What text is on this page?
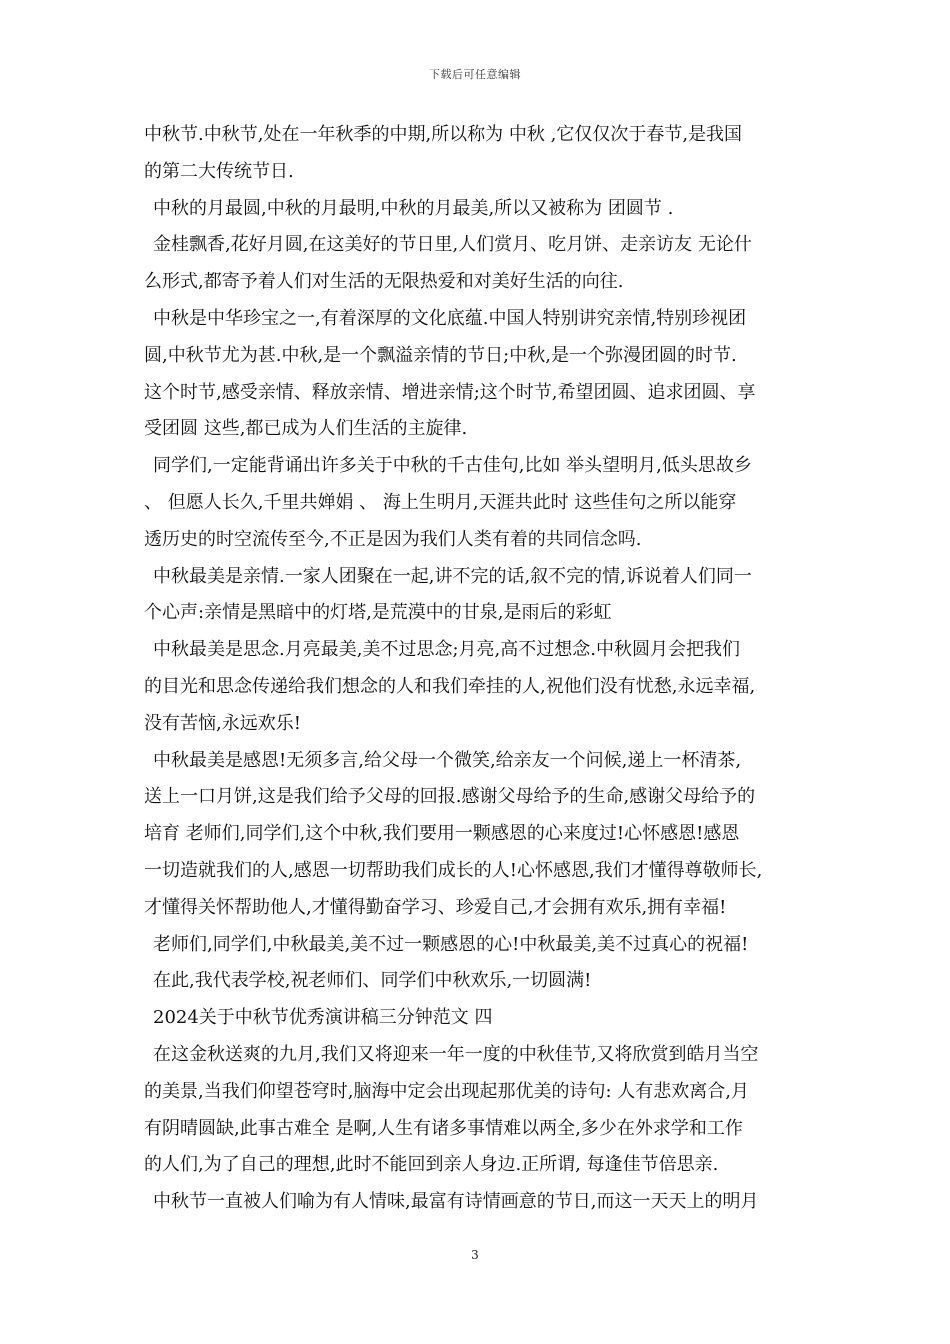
下载后可任意编辑
中秋节.中秋节,处在一年秋季的中期,所以称为 中秋 ,它仅仅次于春节,是我国
的第二大传统节日.
中秋的月最圆,中秋的月最明,中秋的月最美,所以又被称为 团圆节 .
金桂飘香,花好月圆,在这美好的节日里,人们赏月、吃月饼、走亲访友 无论什
么形式,都寄予着人们对生活的无限热爱和对美好生活的向往.
中秋是中华珍宝之一,有着深厚的文化底蕴.中国人特别讲究亲情,特别珍视团
圆,中秋节尤为甚.中秋,是一个飘溢亲情的节日;中秋,是一个弥漫团圆的时节.
这个时节,感受亲情、释放亲情、增进亲情;这个时节,希望团圆、追求团圆、享
受团圆 这些,都已成为人们生活的主旋律.
同学们,一定能背诵出许多关于中秋的千古佳句,比如 举头望明月,低头思故乡
、 但愿人长久,千里共婵娟 、 海上生明月,天涯共此时 这些佳句之所以能穿
透历史的时空流传至今,不正是因为我们人类有着的共同信念吗.
中秋最美是亲情.一家人团聚在一起,讲不完的话,叙不完的情,诉说着人们同一
个心声:亲情是黑暗中的灯塔,是荒漠中的甘泉,是雨后的彩虹
中秋最美是思念.月亮最美,美不过思念;月亮,高不过想念.中秋圆月会把我们
的目光和思念传递给我们想念的人和我们牵挂的人,祝他们没有忧愁,永远幸福,
没有苦恼,永远欢乐!
中秋最美是感恩!无须多言,给父母一个微笑,给亲友一个问候,递上一杯清茶,
送上一口月饼,这是我们给予父母的回报.感谢父母给予的生命,感谢父母给予的
培育 老师们,同学们,这个中秋,我们要用一颗感恩的心来度过!心怀感恩!感恩
一切造就我们的人,感恩一切帮助我们成长的人!心怀感恩,我们才懂得尊敬师长,
才懂得关怀帮助他人,才懂得勤奋学习、珍爱自己,才会拥有欢乐,拥有幸福!
老师们,同学们,中秋最美,美不过一颗感恩的心!中秋最美,美不过真心的祝福!
在此,我代表学校,祝老师们、同学们中秋欢乐,一切圆满!
2024关于中秋节优秀演讲稿三分钟范文 四
在这金秋送爽的九月,我们又将迎来一年一度的中秋佳节,又将欣赏到皓月当空
的美景,当我们仰望苍穹时,脑海中定会出现起那优美的诗句: 人有悲欢离合,月
有阴晴圆缺,此事古难全 是啊,人生有诸多事情难以两全,多少在外求学和工作
的人们,为了自己的理想,此时不能回到亲人身边.正所谓, 每逢佳节倍思亲.
中秋节一直被人们喻为有人情味,最富有诗情画意的节日,而这一天天上的明月
3
